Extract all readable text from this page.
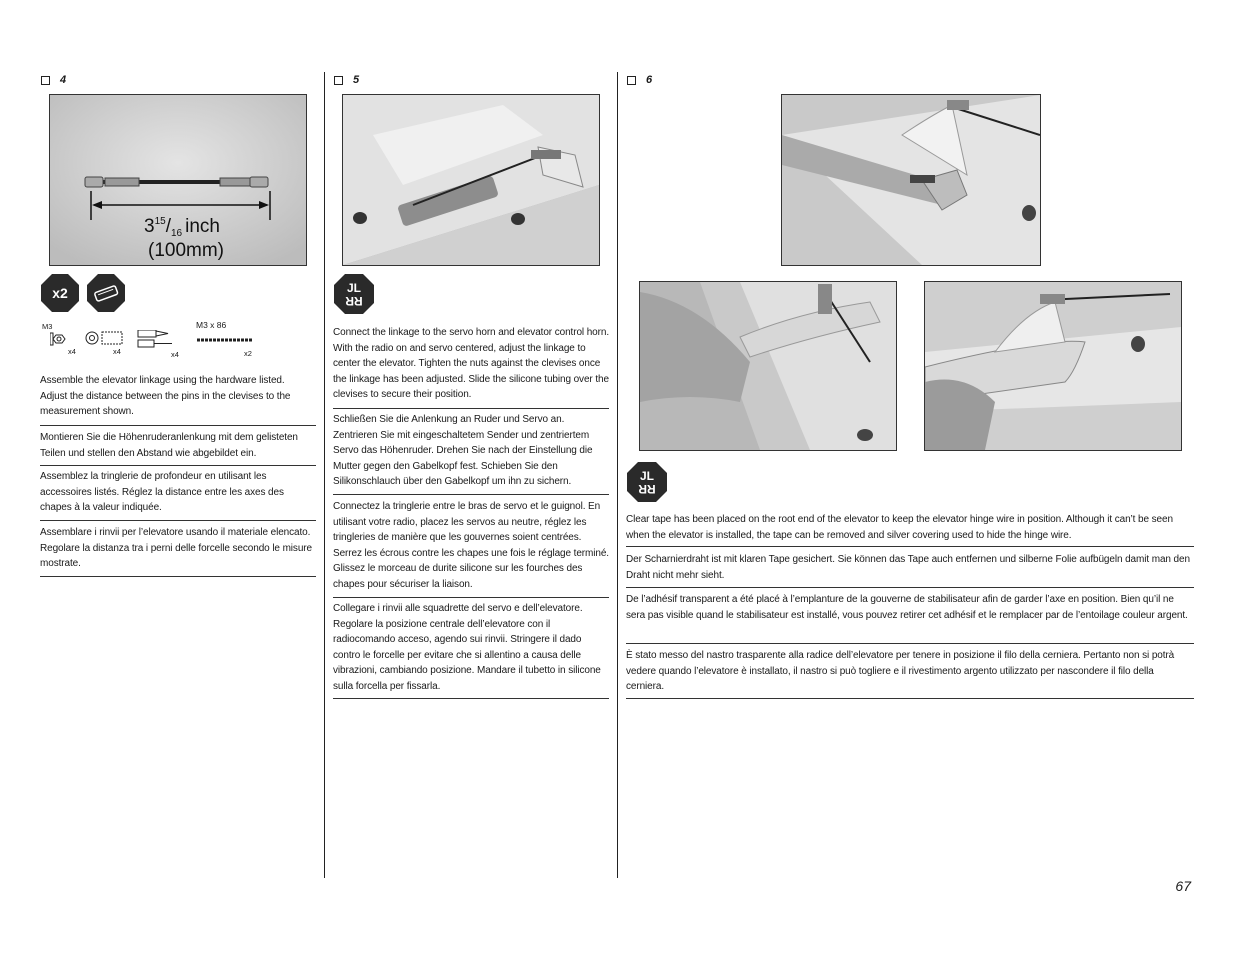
4
$3^{15}/_{16}$ inch
(100mm)
x2
M3	M3 x 86
x4	x4	x4	x2

Assemble the elevator linkage using the hardware listed. Adjust the distance between the pins in the clevises to the measurement shown.

Montieren Sie die Höhenruderanlenkung mit dem gelisteten Teilen und stellen den Abstand wie abgebildet ein.

Assemblez la tringlerie de profondeur en utilisant les accessoires listés. Réglez la distance entre les axes des chapes à la valeur indiquée.

Assemblare i rinvii per l’elevatore usando il materiale elencato. Regolare la distanza tra i perni delle forcelle secondo le misure mostrate.

5
JL
RR

Connect the linkage to the servo horn and elevator control horn. With the radio on and servo centered, adjust the linkage to center the elevator. Tighten the nuts against the clevises once the linkage has been adjusted. Slide the silicone tubing over the clevises to secure their position.

Schließen Sie die Anlenkung an Ruder und Servo an. Zentrieren Sie mit eingeschaltetem Sender und zentriertem Servo das Höhenruder. Drehen Sie nach der Einstellung die Mutter gegen den Gabelkopf fest. Schieben Sie den Silikonschlauch über den Gabelkopf um ihn zu sichern.

Connectez la tringlerie entre le bras de servo et le guignol. En utilisant votre radio, placez les servos au neutre, réglez les tringleries de manière que les gouvernes soient centrées. Serrez les écrous contre les chapes une fois le réglage terminé. Glissez le morceau de durite silicone sur les fourches des chapes pour sécuriser la liaison.

Collegare i rinvii alle squadrette del servo e dell’elevatore. Regolare la posizione centrale dell’elevatore con il radiocomando acceso, agendo sui rinvii. Stringere il dado contro le forcelle per evitare che si allentino a causa delle vibrazioni, cambiando posizione. Mandare il tubetto in silicone sulla forcella per fissarla.

6
JL
RR

Clear tape has been placed on the root end of the elevator to keep the elevator hinge wire in position. Although it can’t be seen when the elevator is installed, the tape can be removed and silver covering used to hide the hinge wire.

Der Scharnierdraht ist mit klaren Tape gesichert. Sie können das Tape auch entfernen und silberne Folie aufbügeln damit man den Draht nicht mehr sieht.

De l’adhésif transparent a été placé à l’emplanture de la gouverne de stabilisateur afin de garder l’axe en position. Bien qu’il ne sera pas visible quand le stabilisateur est installé, vous pouvez retirer cet adhésif et le remplacer par de l’entoilage couleur argent.

È stato messo del nastro trasparente alla radice dell’elevatore per tenere in posizione il filo della cerniera. Pertanto non si potrà vedere quando l’elevatore è installato, il nastro si può togliere e il rivestimento argento utilizzato per nascondere il filo della cerniera.

67
